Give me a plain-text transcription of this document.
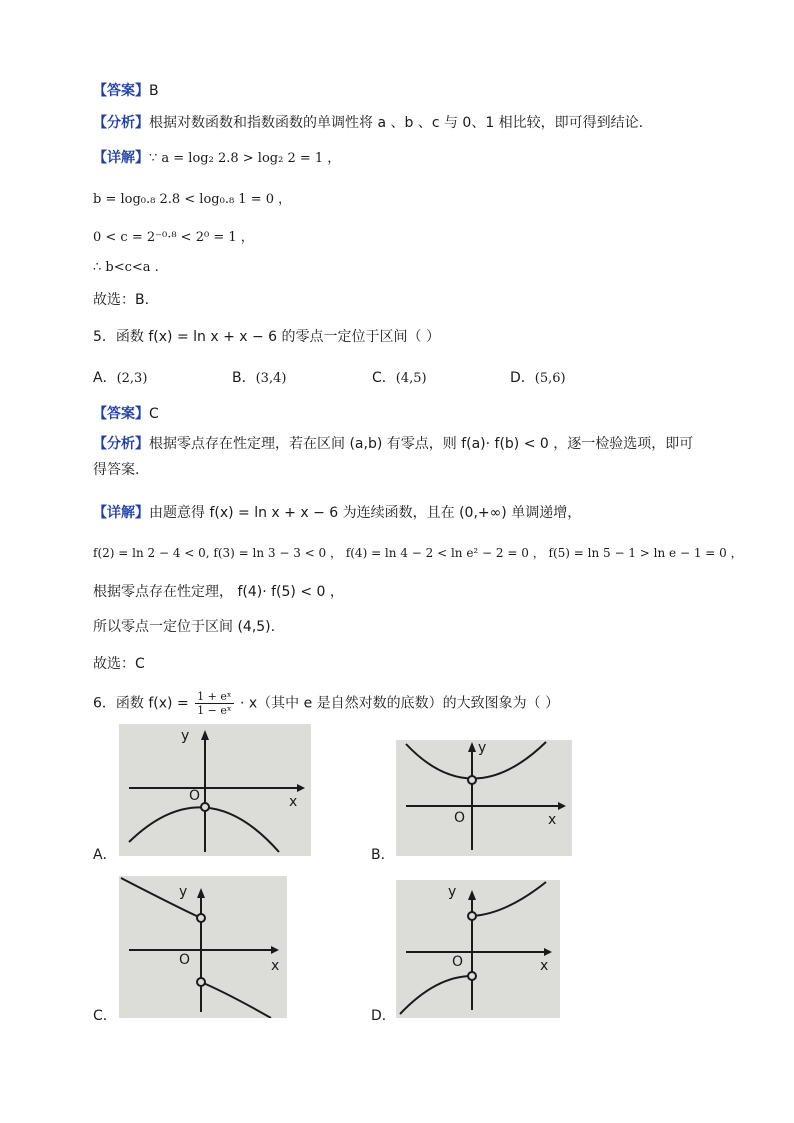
【答案】B
【分析】根据对数函数和指数函数的单调性将 a 、b 、c 与 0、1 相比较，即可得到结论.
【详解】∵ a = log₂ 2.8 > log₂ 2 = 1 ，
b = log₀.₈ 2.8 < log₀.₈ 1 = 0 ，
0 < c = 2⁻⁰·⁸ < 2⁰ = 1 ，
∴ b<c<a .
故选：B.
5．函数 f(x) = ln x + x − 6 的零点一定位于区间（ ）
A．(2,3)	B．(3,4)	C．(4,5)	D．(5,6)
【答案】C
【分析】根据零点存在性定理，若在区间 (a,b) 有零点，则 f(a)· f(b) < 0 ，逐一检验选项，即可得答案.
【详解】由题意得 f(x) = ln x + x − 6 为连续函数，且在 (0,+∞) 单调递增，
f(2) = ln 2 − 4 < 0, f(3) = ln 3 − 3 < 0 ， f(4) = ln 4 − 2 < ln e² − 2 = 0 ， f(5) = ln 5 − 1 > ln e − 1 = 0 ，
根据零点存在性定理， f(4)· f(5) < 0 ，
所以零点一定位于区间 (4,5).
故选：C
6．函数 $f(x) = \frac{\text{1 + eˣ}}{\text{1 − eˣ}} \cdot x$（其中 e 是自然对数的底数）的大致图象为（ ）
A．
y
x
O
B．
y
x
O
C．
y
x
O
D．
y
x
O
